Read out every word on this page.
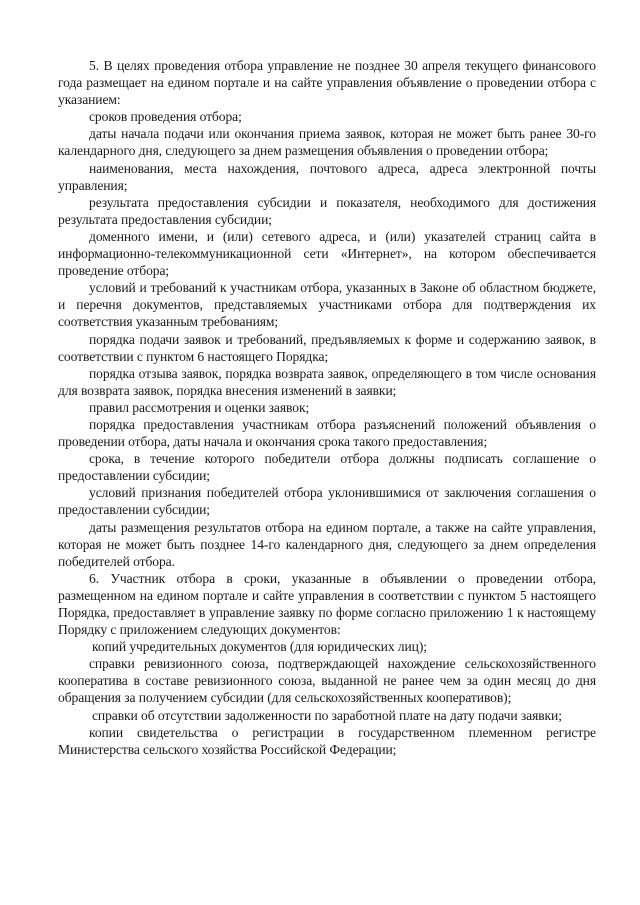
5. В целях проведения отбора управление не позднее 30 апреля текущего финансового года размещает на едином портале и на сайте управления объявление о проведении отбора с указанием:

сроков проведения отбора;

даты начала подачи или окончания приема заявок, которая не может быть ранее 30-го календарного дня, следующего за днем размещения объявления о проведении отбора;

наименования, места нахождения, почтового адреса, адреса электронной почты управления;

результата предоставления субсидии и показателя, необходимого для достижения результата предоставления субсидии;

доменного имени, и (или) сетевого адреса, и (или) указателей страниц сайта в информационно-телекоммуникационной сети «Интернет», на котором обеспечивается проведение отбора;

условий и требований к участникам отбора, указанных в Законе об областном бюджете, и перечня документов, представляемых участниками отбора для подтверждения их соответствия указанным требованиям;

порядка подачи заявок и требований, предъявляемых к форме и содержанию заявок, в соответствии с пунктом 6 настоящего Порядка;

порядка отзыва заявок, порядка возврата заявок, определяющего в том числе основания для возврата заявок, порядка внесения изменений в заявки;

правил рассмотрения и оценки заявок;

порядка предоставления участникам отбора разъяснений положений объявления о проведении отбора, даты начала и окончания срока такого предоставления;

срока, в течение которого победители отбора должны подписать соглашение о предоставлении субсидии;

условий признания победителей отбора уклонившимися от заключения соглашения о предоставлении субсидии;

даты размещения результатов отбора на едином портале, а также на сайте управления, которая не может быть позднее 14-го календарного дня, следующего за днем определения победителей отбора.

6. Участник отбора в сроки, указанные в объявлении о проведении отбора, размещенном на едином портале и сайте управления в соответствии с пунктом 5 настоящего Порядка, предоставляет в управление заявку по форме согласно приложению 1 к настоящему Порядку с приложением следующих документов:

копий учредительных документов (для юридических лиц);

справки ревизионного союза, подтверждающей нахождение сельскохозяйственного кооператива в составе ревизионного союза, выданной не ранее чем за один месяц до дня обращения за получением субсидии (для сельскохозяйственных кооперативов);

справки об отсутствии задолженности по заработной плате на дату подачи заявки;

копии свидетельства о регистрации в государственном племенном регистре Министерства сельского хозяйства Российской Федерации;
